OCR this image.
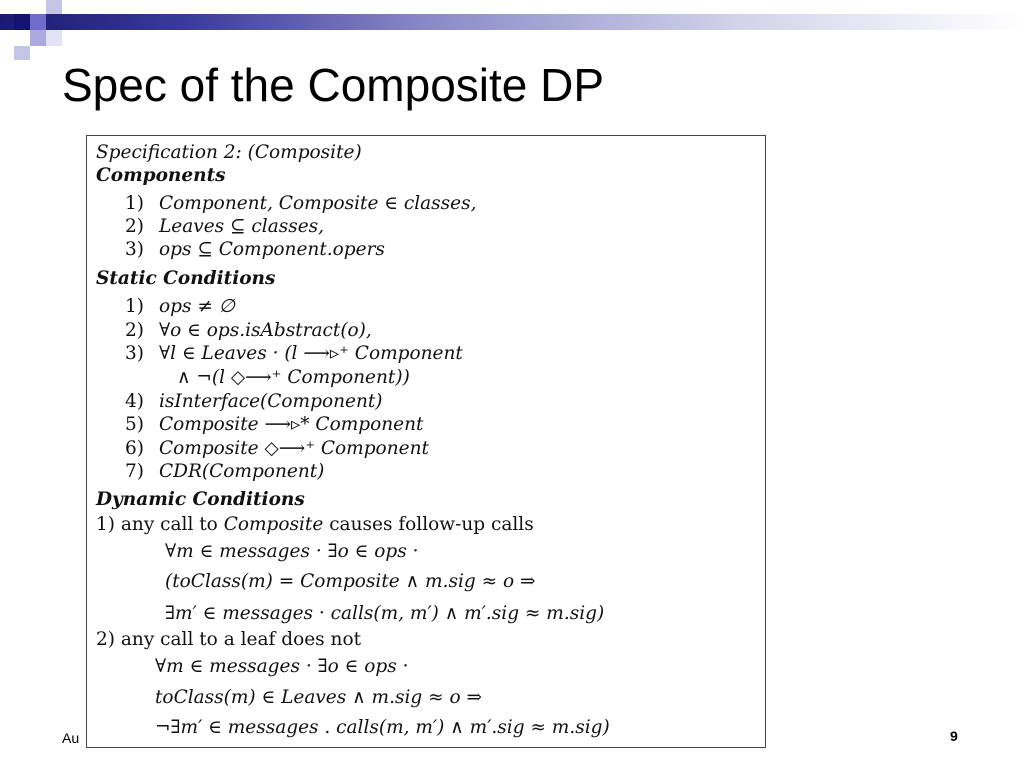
Spec of the Composite DP
Specification 2: (Composite)
Components
1) Component, Composite ∈ classes,
2) Leaves ⊆ classes,
3) ops ⊆ Component.opers
Static Conditions
1) ops ≠ ∅
2) ∀o ∈ ops.isAbstract(o),
3) ∀l ∈ Leaves · (l ⟶▹⁺ Component
∧ ¬(l ◇⟶⁺ Component))
4) isInterface(Component)
5) Composite ⟶▹* Component
6) Composite ◇⟶⁺ Component
7) CDR(Component)
Dynamic Conditions
1) any call to Composite causes follow-up calls
∀m ∈ messages · ∃o ∈ ops ·
(toClass(m) = Composite ∧ m.sig ≈ o ⇒
∃m′ ∈ messages · calls(m, m′) ∧ m′.sig ≈ m.sig)
2) any call to a leaf does not
∀m ∈ messages · ∃o ∈ ops ·
toClass(m) ∈ Leaves ∧ m.sig ≈ o ⇒
¬∃m′ ∈ messages . calls(m, m′) ∧ m′.sig ≈ m.sig)
Au	9
